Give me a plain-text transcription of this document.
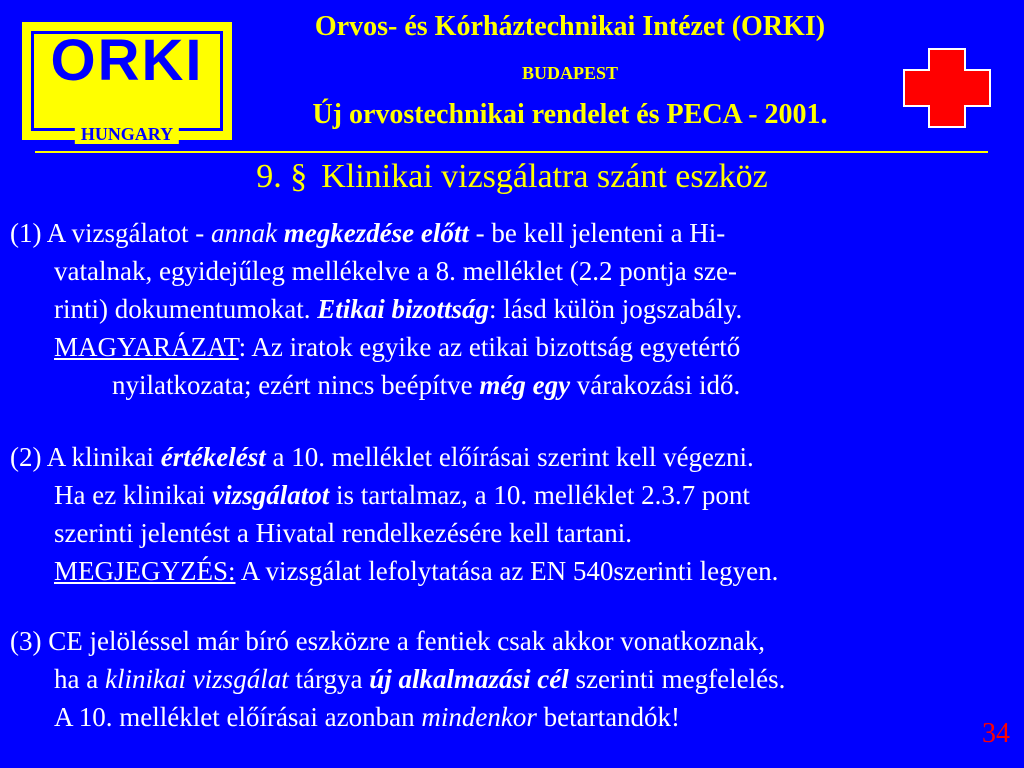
ORKI
HUNGARY
Orvos- és Kórháztechnikai Intézet (ORKI)
BUDAPEST
Új orvostechnikai rendelet és PECA - 2001.
9. § Klinikai vizsgálatra szánt eszköz
(1) A vizsgálatot - annak megkezdése előtt - be kell jelenteni a Hi-
vatalnak, egyidejűleg mellékelve a 8. melléklet (2.2 pontja sze-
rinti) dokumentumokat. Etikai bizottság: lásd külön jogszabály.
MAGYARÁZAT: Az iratok egyike az etikai bizottság egyetértő
nyilatkozata; ezért nincs beépítve még egy várakozási idő.
(2) A klinikai értékelést a 10. melléklet előírásai szerint kell végezni.
Ha ez klinikai vizsgálatot is tartalmaz, a 10. melléklet 2.3.7 pont
szerinti jelentést a Hivatal rendelkezésére kell tartani.
MEGJEGYZÉS: A vizsgálat lefolytatása az EN 540szerinti legyen.
(3) CE jelöléssel már bíró eszközre a fentiek csak akkor vonatkoznak,
ha a klinikai vizsgálat tárgya új alkalmazási cél szerinti megfelelés.
A 10. melléklet előírásai azonban mindenkor betartandók!
34
